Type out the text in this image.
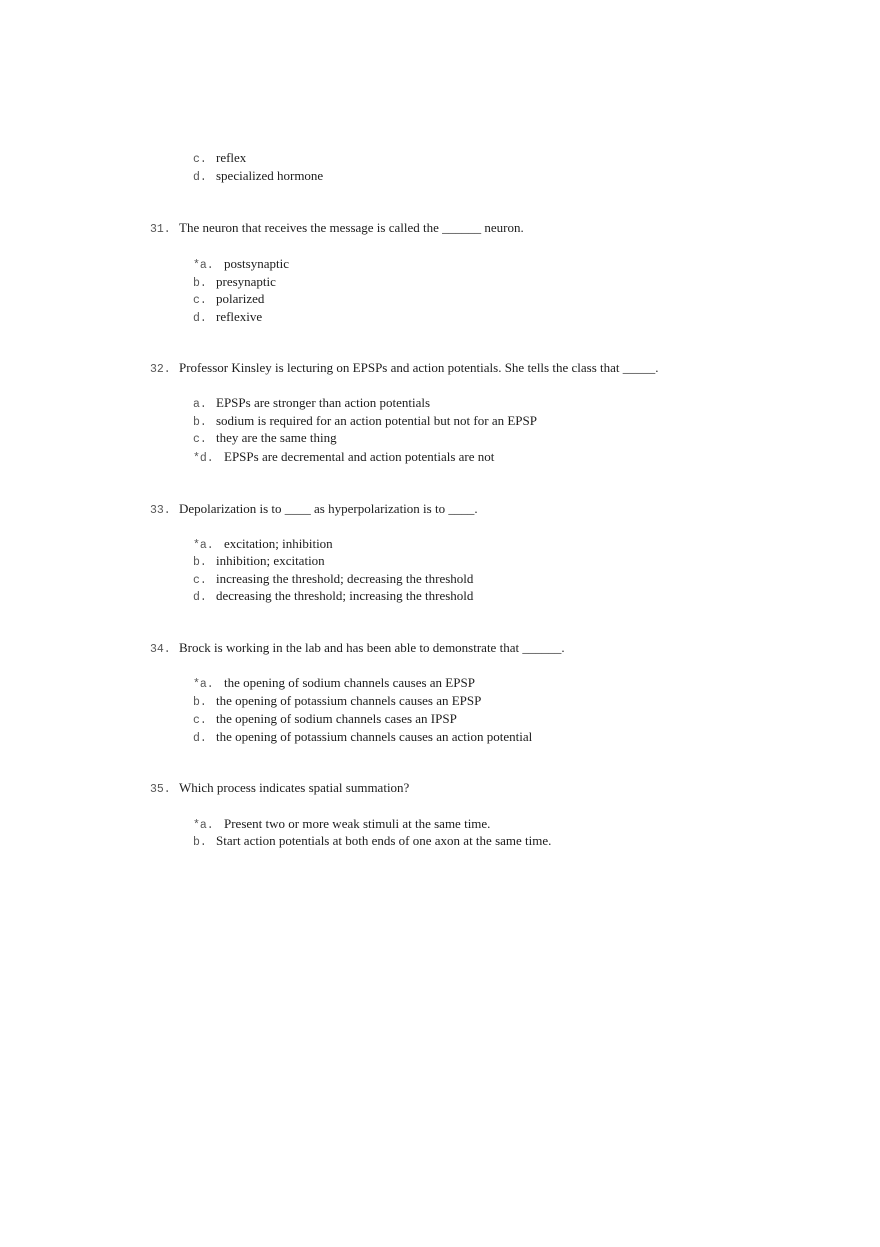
c. reflex
d. specialized hormone
31. The neuron that receives the message is called the ______ neuron.
*a. postsynaptic
b. presynaptic
c. polarized
d. reflexive
32. Professor Kinsley is lecturing on EPSPs and action potentials. She tells the class that _____.
a. EPSPs are stronger than action potentials
b. sodium is required for an action potential but not for an EPSP
c. they are the same thing
*d. EPSPs are decremental and action potentials are not
33. Depolarization is to ____ as hyperpolarization is to ____.
*a. excitation; inhibition
b. inhibition; excitation
c. increasing the threshold; decreasing the threshold
d. decreasing the threshold; increasing the threshold
34. Brock is working in the lab and has been able to demonstrate that ______.
*a. the opening of sodium channels causes an EPSP
b. the opening of potassium channels causes an EPSP
c. the opening of sodium channels cases an IPSP
d. the opening of potassium channels causes an action potential
35. Which process indicates spatial summation?
*a. Present two or more weak stimuli at the same time.
b. Start action potentials at both ends of one axon at the same time.
